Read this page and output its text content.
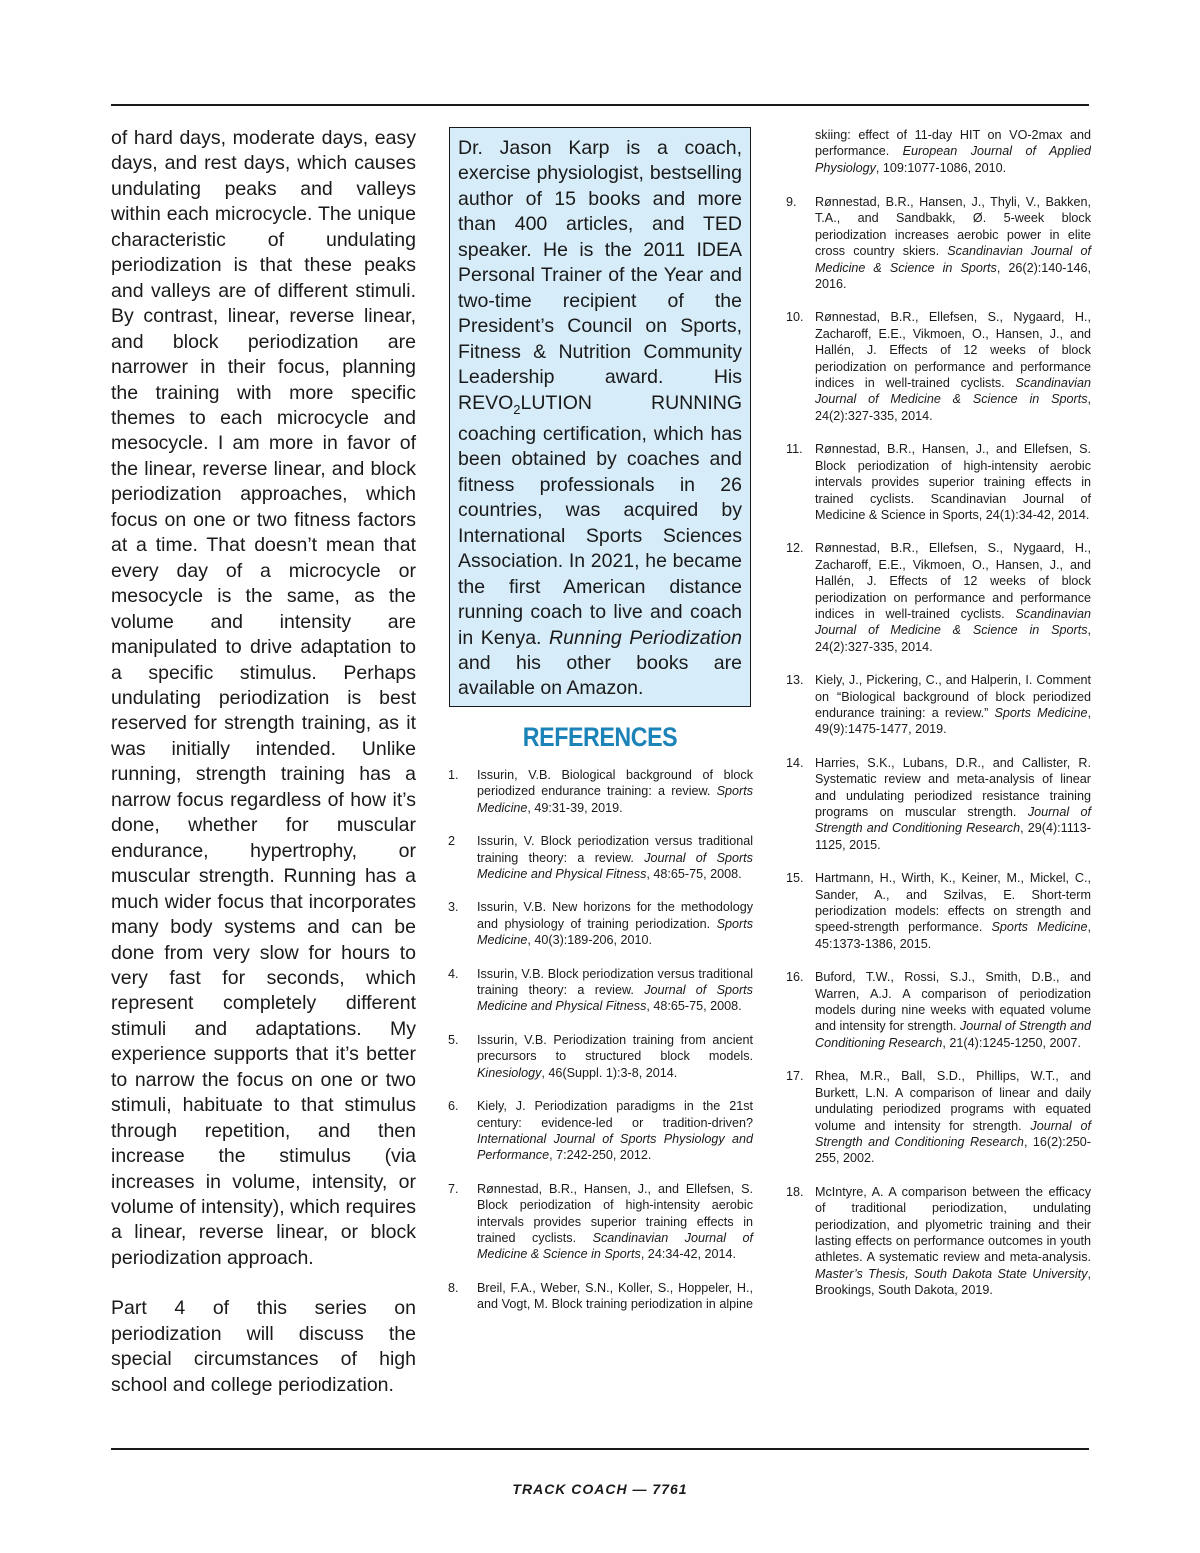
of hard days, moderate days, easy days, and rest days, which causes undulating peaks and valleys within each microcycle. The unique characteristic of undulating periodization is that these peaks and valleys are of different stimuli. By contrast, linear, reverse linear, and block periodization are narrower in their focus, planning the training with more specific themes to each microcycle and mesocycle. I am more in favor of the linear, reverse linear, and block periodization approaches, which focus on one or two fitness factors at a time. That doesn’t mean that every day of a microcycle or mesocycle is the same, as the volume and intensity are manipulated to drive adaptation to a specific stimulus. Perhaps undulating periodization is best reserved for strength training, as it was initially intended. Unlike running, strength training has a narrow focus regardless of how it’s done, whether for muscular endurance, hypertrophy, or muscular strength. Running has a much wider focus that incorporates many body systems and can be done from very slow for hours to very fast for seconds, which represent completely different stimuli and adaptations. My experience supports that it’s better to narrow the focus on one or two stimuli, habituate to that stimulus through repetition, and then increase the stimulus (via increases in volume, intensity, or volume of intensity), which requires a linear, reverse linear, or block periodization approach.

Part 4 of this series on periodization will discuss the special circumstances of high school and college periodization.

Dr. Jason Karp is a coach, exercise physiologist, bestselling author of 15 books and more than 400 articles, and TED speaker. He is the 2011 IDEA Personal Trainer of the Year and two-time recipient of the President’s Council on Sports, Fitness & Nutrition Community Leadership award. His $REVO_2LUTION$ RUNNING coaching certification, which has been obtained by coaches and fitness professionals in 26 countries, was acquired by International Sports Sciences Association. In 2021, he became the first American distance running coach to live and coach in Kenya. Running Periodization and his other books are available on Amazon.
REFERENCES
1. Issurin, V.B. Biological background of block periodized endurance training: a review. Sports Medicine, 49:31-39, 2019.
2 Issurin, V. Block periodization versus traditional training theory: a review. Journal of Sports Medicine and Physical Fitness, 48:65-75, 2008.
3. Issurin, V.B. New horizons for the methodology and physiology of training periodization. Sports Medicine, 40(3):189-206, 2010.
4. Issurin, V.B. Block periodization versus traditional training theory: a review. Journal of Sports Medicine and Physical Fitness, 48:65-75, 2008.
5. Issurin, V.B. Periodization training from ancient precursors to structured block models. Kinesiology, 46(Suppl. 1):3-8, 2014.
6. Kiely, J. Periodization paradigms in the 21st century: evidence-led or tradition-driven? International Journal of Sports Physiology and Performance, 7:242-250, 2012.
7. Rønnestad, B.R., Hansen, J., and Ellefsen, S. Block periodization of high-intensity aerobic intervals provides superior training effects in trained cyclists. Scandinavian Journal of Medicine & Science in Sports, 24:34-42, 2014.
8. Breil, F.A., Weber, S.N., Koller, S., Hoppeler, H., and Vogt, M. Block training periodization in alpine
skiing: effect of 11-day HIT on VO-2max and performance. European Journal of Applied Physiology, 109:1077-1086, 2010.
9. Rønnestad, B.R., Hansen, J., Thyli, V., Bakken, T.A., and Sandbakk, Ø. 5-week block periodization increases aerobic power in elite cross country skiers. Scandinavian Journal of Medicine & Science in Sports, 26(2):140-146, 2016.
10. Rønnestad, B.R., Ellefsen, S., Nygaard, H., Zacharoff, E.E., Vikmoen, O., Hansen, J., and Hallén, J. Effects of 12 weeks of block periodization on performance and performance indices in well-trained cyclists. Scandinavian Journal of Medicine & Science in Sports, 24(2):327-335, 2014.
11. Rønnestad, B.R., Hansen, J., and Ellefsen, S. Block periodization of high-intensity aerobic intervals provides superior training effects in trained cyclists. Scandinavian Journal of Medicine & Science in Sports, 24(1):34-42, 2014.
12. Rønnestad, B.R., Ellefsen, S., Nygaard, H., Zacharoff, E.E., Vikmoen, O., Hansen, J., and Hallén, J. Effects of 12 weeks of block periodization on performance and performance indices in well-trained cyclists. Scandinavian Journal of Medicine & Science in Sports, 24(2):327-335, 2014.
13. Kiely, J., Pickering, C., and Halperin, I. Comment on “Biological background of block periodized endurance training: a review.” Sports Medicine, 49(9):1475-1477, 2019.
14. Harries, S.K., Lubans, D.R., and Callister, R. Systematic review and meta-analysis of linear and undulating periodized resistance training programs on muscular strength. Journal of Strength and Conditioning Research, 29(4):1113-1125, 2015.
15. Hartmann, H., Wirth, K., Keiner, M., Mickel, C., Sander, A., and Szilvas, E. Short-term periodization models: effects on strength and speed-strength performance. Sports Medicine, 45:1373-1386, 2015.
16. Buford, T.W., Rossi, S.J., Smith, D.B., and Warren, A.J. A comparison of periodization models during nine weeks with equated volume and intensity for strength. Journal of Strength and Conditioning Research, 21(4):1245-1250, 2007.
17. Rhea, M.R., Ball, S.D., Phillips, W.T., and Burkett, L.N. A comparison of linear and daily undulating periodized programs with equated volume and intensity for strength. Journal of Strength and Conditioning Research, 16(2):250-255, 2002.
18. McIntyre, A. A comparison between the efficacy of traditional periodization, undulating periodization, and plyometric training and their lasting effects on performance outcomes in youth athletes. A systematic review and meta-analysis. Master’s Thesis, South Dakota State University, Brookings, South Dakota, 2019.
TRACK COACH — 7761
